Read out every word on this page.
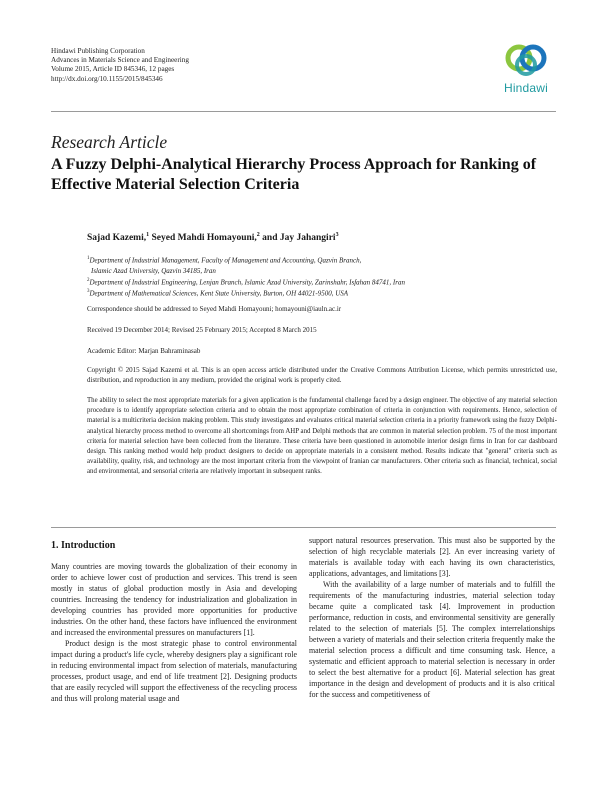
Hindawi Publishing Corporation
Advances in Materials Science and Engineering
Volume 2015, Article ID 845346, 12 pages
http://dx.doi.org/10.1155/2015/845346
Hindawi
Research Article
A Fuzzy Delphi-Analytical Hierarchy Process Approach for Ranking of Effective Material Selection Criteria
Sajad Kazemi,$^1$ Seyed Mahdi Homayouni,$^2$ and Jay Jahangiri$^3$
$^1$Department of Industrial Management, Faculty of Management and Accounting, Qazvin Branch,
Islamic Azad University, Qazvin 34185, Iran
$^2$Department of Industrial Engineering, Lenjan Branch, Islamic Azad University, Zarinshahr, Isfahan 84741, Iran
$^3$Department of Mathematical Sciences, Kent State University, Burton, OH 44021-9500, USA
Correspondence should be addressed to Seyed Mahdi Homayouni; homayouni@iauln.ac.ir
Received 19 December 2014; Revised 25 February 2015; Accepted 8 March 2015
Academic Editor: Marjan Bahraminasab
Copyright © 2015 Sajad Kazemi et al. This is an open access article distributed under the Creative Commons Attribution License, which permits unrestricted use, distribution, and reproduction in any medium, provided the original work is properly cited.
The ability to select the most appropriate materials for a given application is the fundamental challenge faced by a design engineer. The objective of any material selection procedure is to identify appropriate selection criteria and to obtain the most appropriate combination of criteria in conjunction with requirements. Hence, selection of material is a multicriteria decision making problem. This study investigates and evaluates critical material selection criteria in a priority framework using the fuzzy Delphi-analytical hierarchy process method to overcome all shortcomings from AHP and Delphi methods that are common in material selection problem. 75 of the most important criteria for material selection have been collected from the literature. These criteria have been questioned in automobile interior design firms in Iran for car dashboard design. This ranking method would help product designers to decide on appropriate materials in a consistent method. Results indicate that "general" criteria such as availability, quality, risk, and technology are the most important criteria from the viewpoint of Iranian car manufacturers. Other criteria such as financial, technical, social and environmental, and sensorial criteria are relatively important in subsequent ranks.
1. Introduction

Many countries are moving towards the globalization of their economy in order to achieve lower cost of production and services. This trend is seen mostly in status of global production mostly in Asia and developing countries. Increasing the tendency for industrialization and globalization in developing countries has provided more opportunities for productive industries. On the other hand, these factors have influenced the environment and increased the environmental pressures on manufacturers [1].

Product design is the most strategic phase to control environmental impact during a product's life cycle, whereby designers play a significant role in reducing environmental impact from selection of materials, manufacturing processes, product usage, and end of life treatment [2]. Designing products that are easily recycled will support the effectiveness of the recycling process and thus will prolong material usage and

support natural resources preservation. This must also be supported by the selection of high recyclable materials [2]. An ever increasing variety of materials is available today with each having its own characteristics, applications, advantages, and limitations [3].

With the availability of a large number of materials and to fulfill the requirements of the manufacturing industries, material selection today became quite a complicated task [4]. Improvement in production performance, reduction in costs, and environmental sensitivity are generally related to the selection of materials [5]. The complex interrelationships between a variety of materials and their selection criteria frequently make the material selection process a difficult and time consuming task. Hence, a systematic and efficient approach to material selection is necessary in order to select the best alternative for a product [6]. Material selection has great importance in the design and development of products and it is also critical for the success and competitiveness of
